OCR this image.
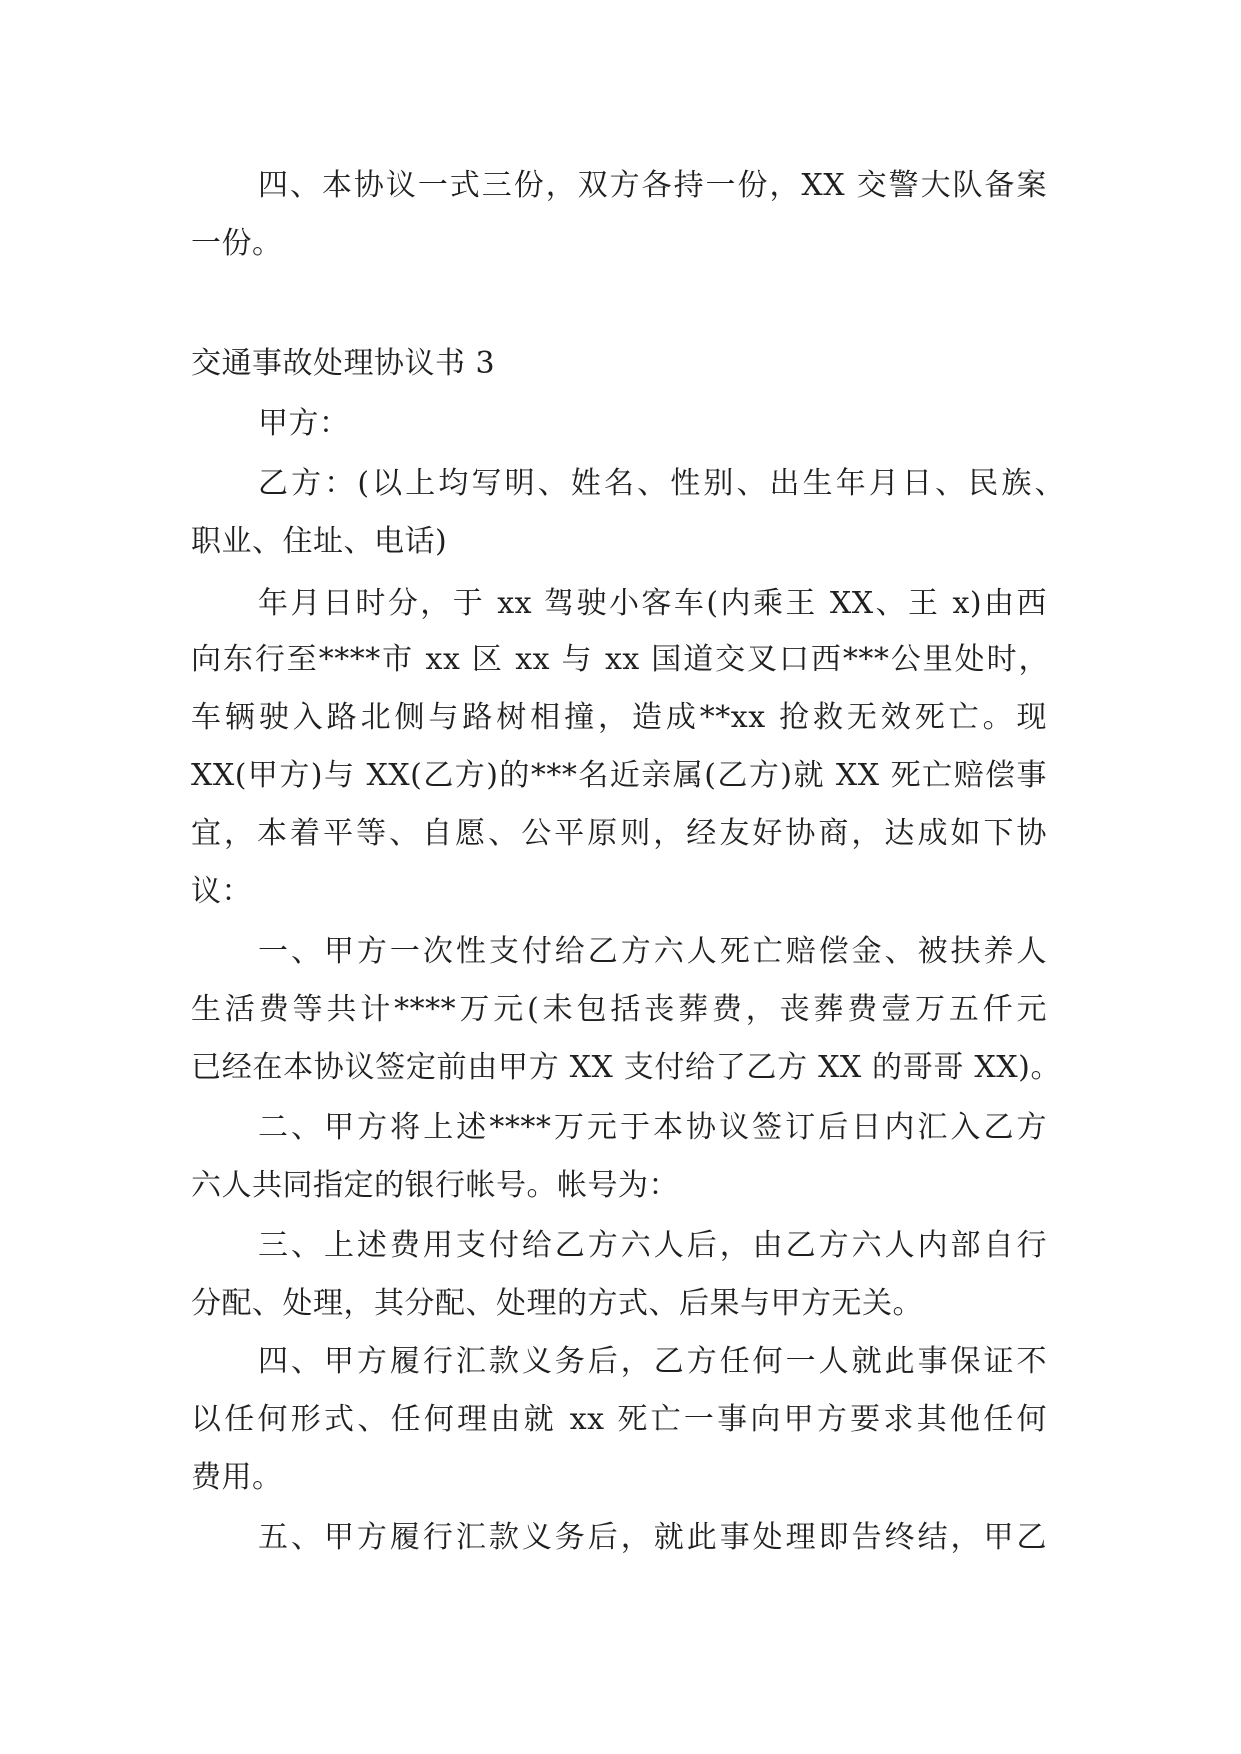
四、本协议一式三份，双方各持一份，XX 交警大队备案

一份。

交通事故处理协议书 3

甲方：

乙方：(以上均写明、姓名、性别、出生年月日、民族、

职业、住址、电话)

年月日时分，于 xx 驾驶小客车(内乘王 XX、王 x)由西

向东行至****市 xx 区 xx 与 xx 国道交叉口西***公里处时，

车辆驶入路北侧与路树相撞，造成**xx 抢救无效死亡。现

XX(甲方)与 XX(乙方)的***名近亲属(乙方)就 XX 死亡赔偿事

宜，本着平等、自愿、公平原则，经友好协商，达成如下协

议：

一、甲方一次性支付给乙方六人死亡赔偿金、被扶养人

生活费等共计****万元(未包括丧葬费，丧葬费壹万五仟元

已经在本协议签定前由甲方 XX 支付给了乙方 XX 的哥哥 XX)。

二、甲方将上述****万元于本协议签订后日内汇入乙方

六人共同指定的银行帐号。帐号为：

三、上述费用支付给乙方六人后，由乙方六人内部自行

分配、处理，其分配、处理的方式、后果与甲方无关。

四、甲方履行汇款义务后，乙方任何一人就此事保证不

以任何形式、任何理由就 xx 死亡一事向甲方要求其他任何

费用。

五、甲方履行汇款义务后，就此事处理即告终结，甲乙
